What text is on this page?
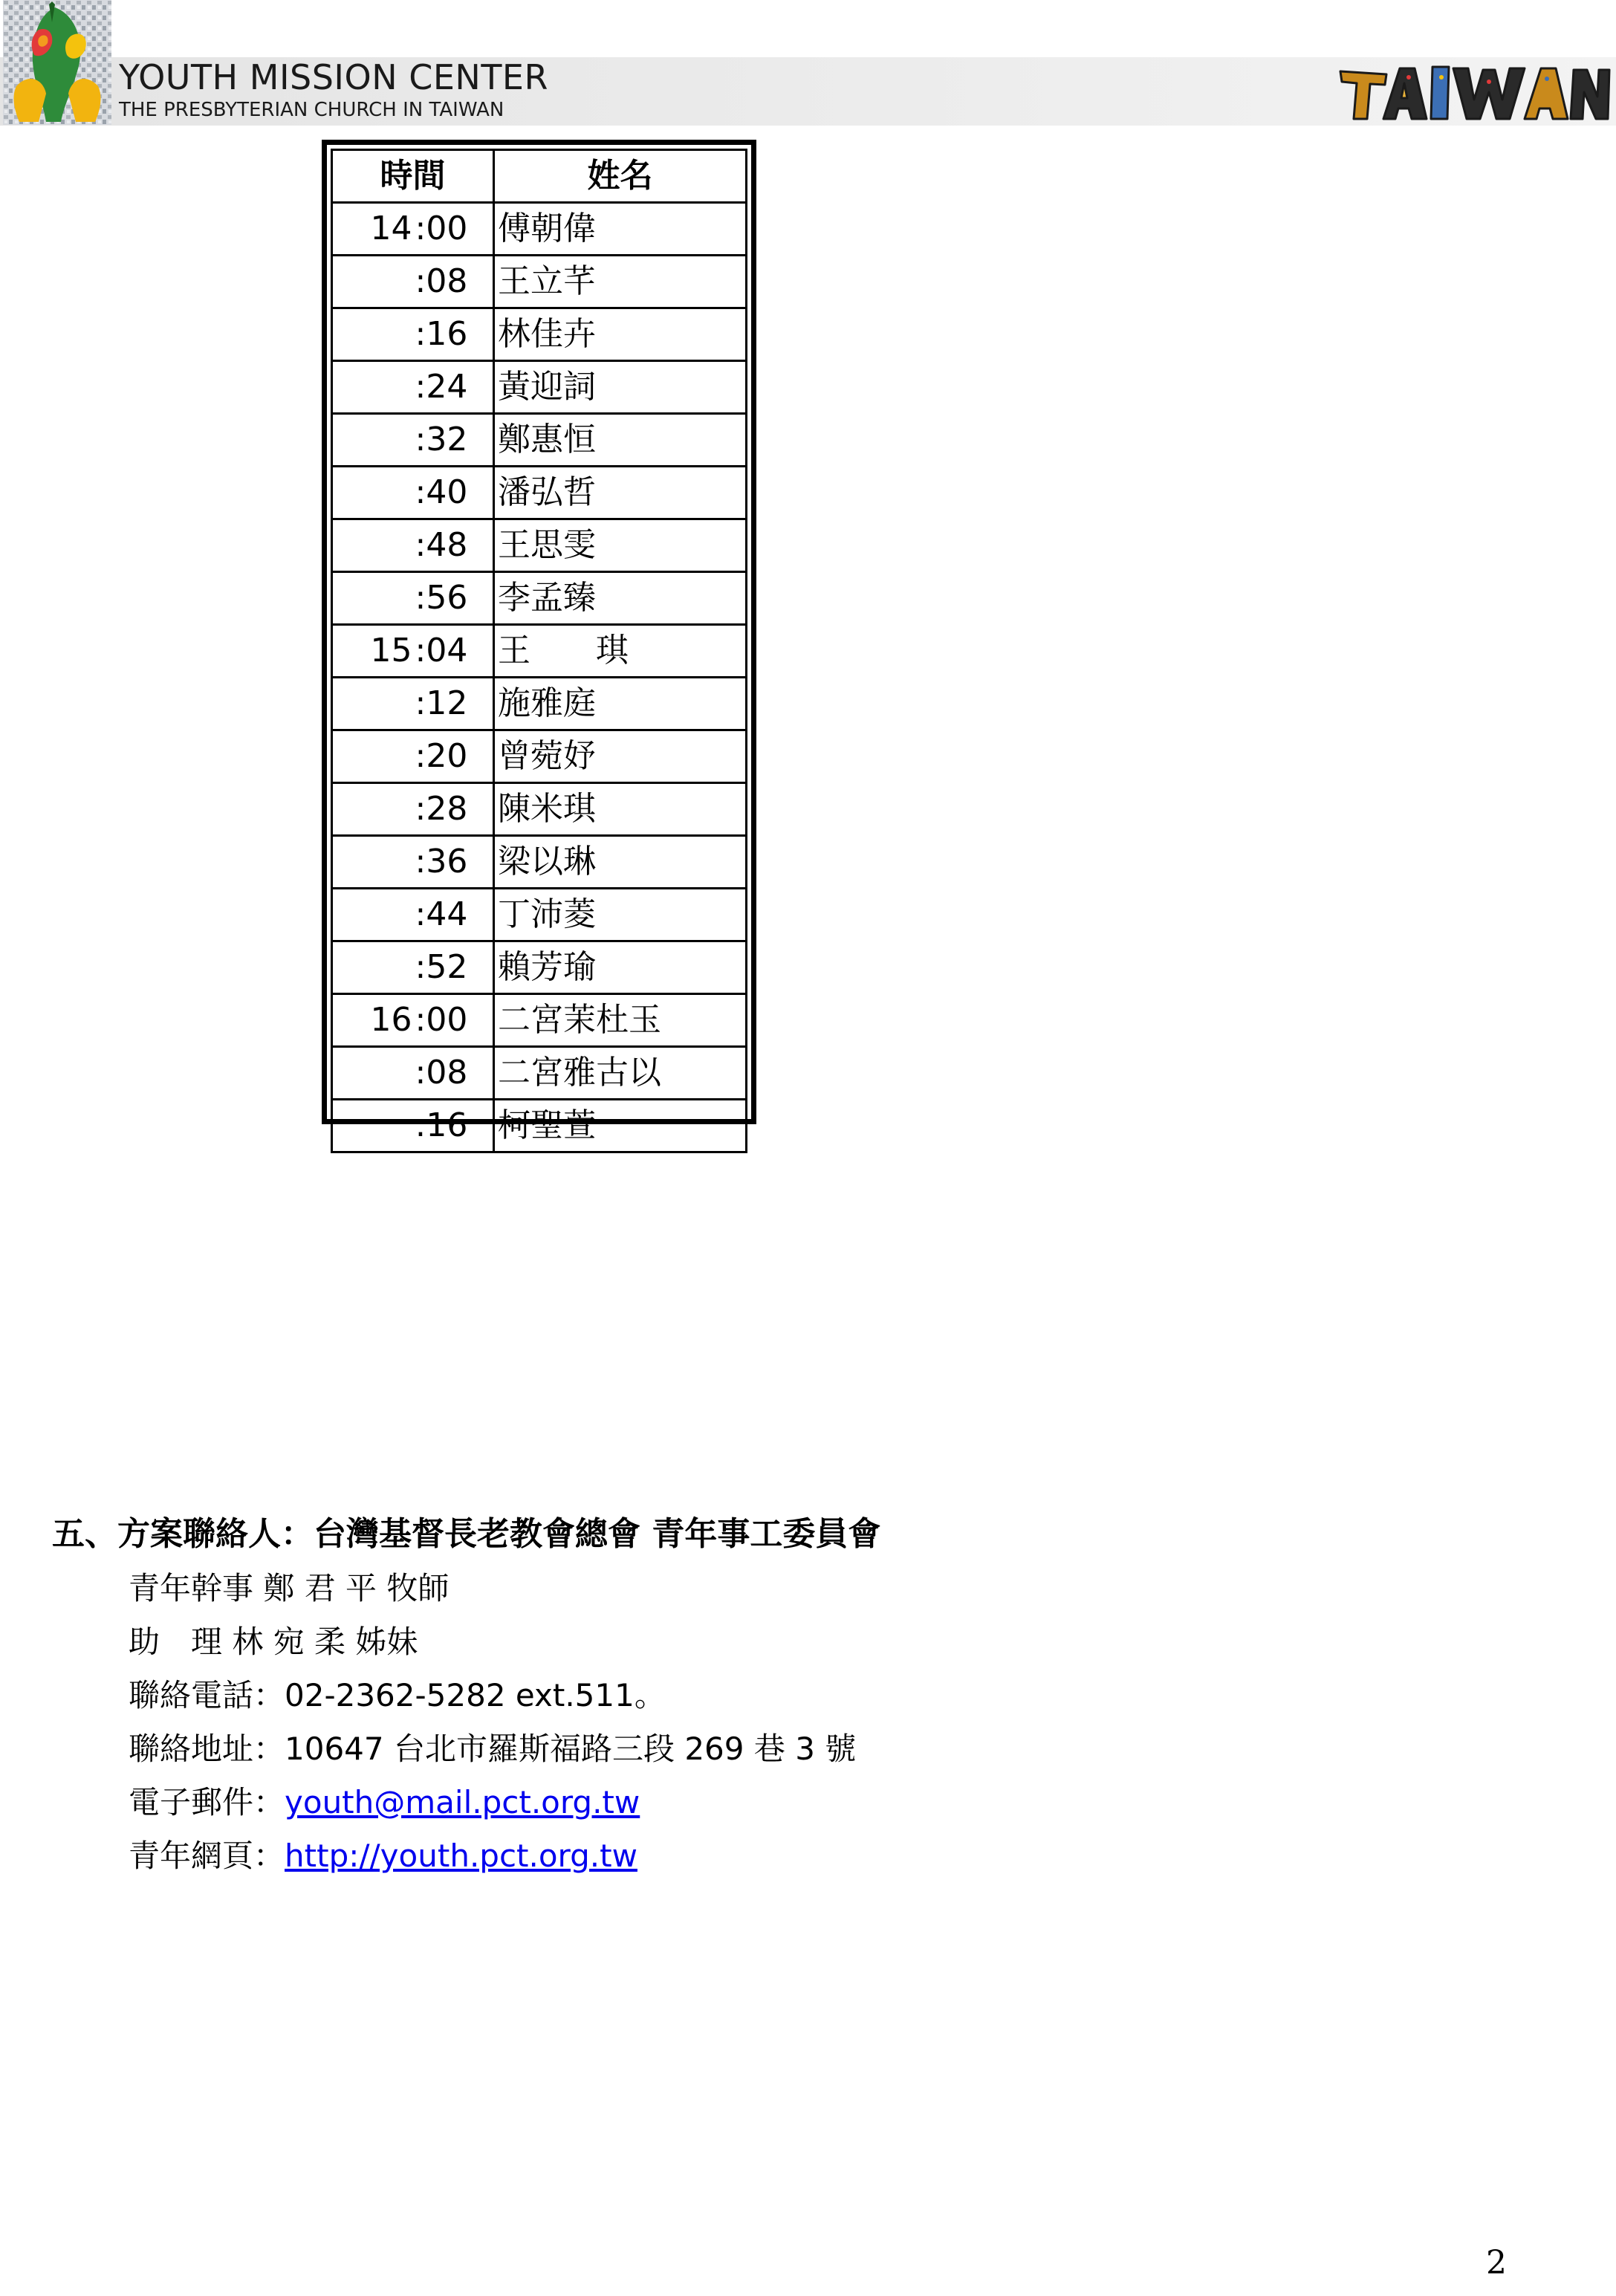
YOUTH MISSION CENTER
THE PRESBYTERIAN CHURCH IN TAIWAN
時間		姓名
14	:00	傅朝偉
	:08	王立芊
	:16	林佳卉
	:24	黃迎詞
	:32	鄭惠恒
	:40	潘弘哲
	:48	王思雯
	:56	李孟臻
15	:04	王　　琪
	:12	施雅庭
	:20	曾菀妤
	:28	陳米琪
	:36	梁以琳
	:44	丁沛菱
	:52	賴芳瑜
16	:00	二宮茉杜玉
	:08	二宮雅古以
	:16	柯聖萱
五、方案聯絡人：台灣基督長老教會總會 青年事工委員會
青年幹事 鄭 君 平 牧師
助　理 林 宛 柔 姊妹
聯絡電話：02-2362-5282 ext.511。
聯絡地址：10647 台北市羅斯福路三段 269 巷 3 號
電子郵件：youth@mail.pct.org.tw
青年網頁：http://youth.pct.org.tw
2
